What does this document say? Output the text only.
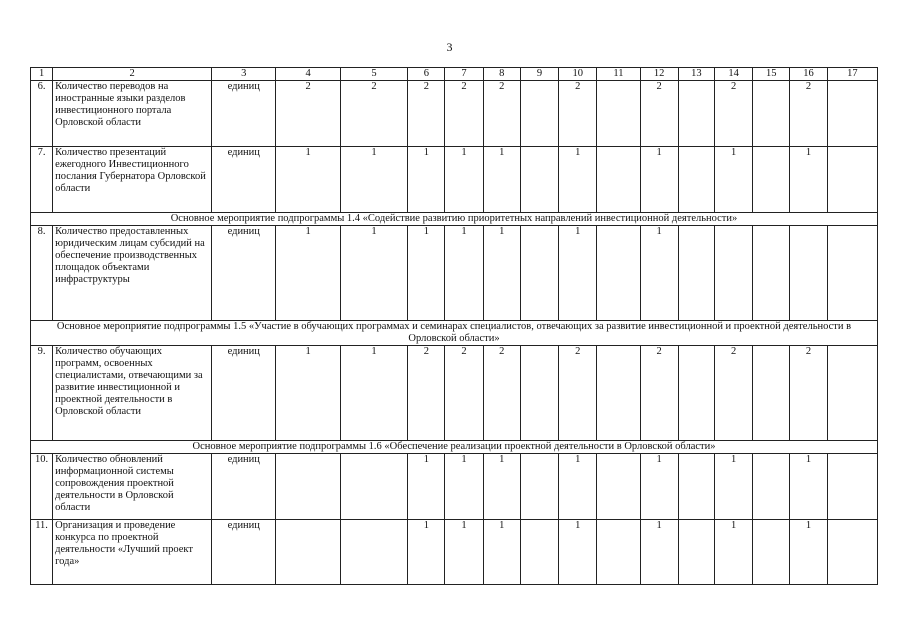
3
1	2	3	4	5	6	7	8	9	10	11	12	13	14	15	16	17
6.	Количество переводов на иностранные языки разделов инвестиционного портала Орловской области	единиц	2	2	2	2	2		2		2		2		2	
7.	Количество презентаций ежегодного Инвестиционного послания Губернатора Орловской области	единиц	1	1	1	1	1		1		1		1		1	
Основное мероприятие подпрограммы 1.4 «Содействие развитию приоритетных направлений инвестиционной деятельности»																
8.	Количество предоставленных юридическим лицам субсидий на обеспечение производственных площадок объектами инфраструктуры	единиц	1	1	1	1	1		1		1					
Основное мероприятие подпрограммы 1.5 «Участие в обучающих программах и семинарах специалистов, отвечающих за развитие инвестиционной и проектной деятельности в Орловской области»																
9.	Количество обучающих программ, освоенных специалистами, отвечающими за развитие инвестиционной и проектной деятельности в Орловской области	единиц	1	1	2	2	2		2		2		2		2	
Основное мероприятие подпрограммы 1.6 «Обеспечение реализации проектной деятельности в Орловской области»																
10.	Количество обновлений информационной системы сопровождения проектной деятельности в Орловской области	единиц			1	1	1		1		1		1		1	
11.	Организация и проведение конкурса по проектной деятельности «Лучший проект года»	единиц			1	1	1		1		1		1		1	
